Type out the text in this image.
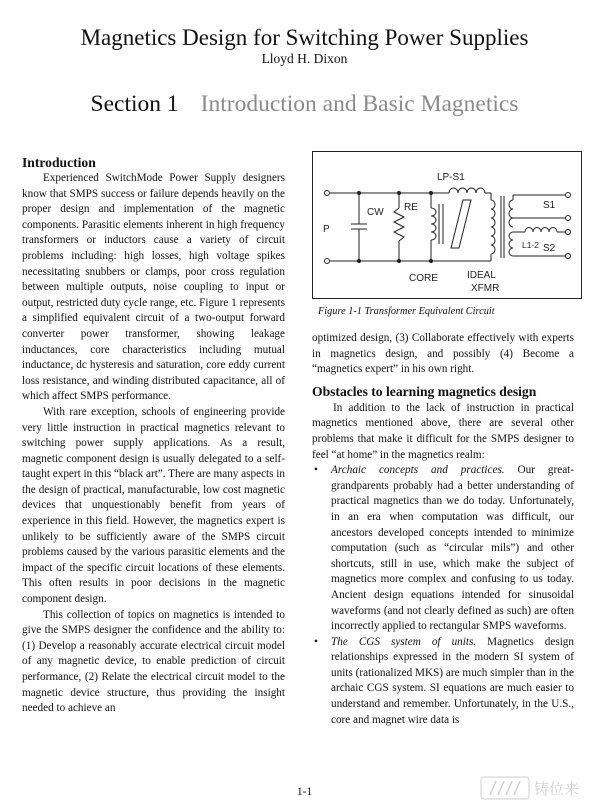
Magnetics Design for Switching Power Supplies
Lloyd H. Dixon
Section 1 Introduction and Basic Magnetics
Introduction

Experienced SwitchMode Power Supply designers know that SMPS success or failure depends heavily on the proper design and implementation of the magnetic components. Parasitic elements inherent in high frequency transformers or inductors cause a variety of circuit problems including: high losses, high voltage spikes necessitating snubbers or clamps, poor cross regulation between multiple outputs, noise coupling to input or output, restricted duty cycle range, etc. Figure 1 represents a simplified equivalent circuit of a two-output forward converter power transformer, showing leakage inductances, core characteristics including mutual inductance, dc hysteresis and saturation, core eddy current loss resistance, and winding distributed capacitance, all of which affect SMPS performance.

With rare exception, schools of engineering provide very little instruction in practical magnetics relevant to switching power supply applications. As a result, magnetic component design is usually delegated to a self-taught expert in this “black art”. There are many aspects in the design of practical, manufacturable, low cost magnetic devices that unquestionably benefit from years of experience in this field. However, the magnetics expert is unlikely to be sufficiently aware of the SMPS circuit problems caused by the various parasitic elements and the impact of the specific circuit locations of these elements. This often results in poor decisions in the magnetic component design.

This collection of topics on magnetics is intended to give the SMPS designer the confidence and the ability to: (1) Develop a reasonably accurate electrical circuit model of any magnetic device, to enable prediction of circuit performance, (2) Relate the electrical circuit model to the magnetic device structure, thus providing the insight needed to achieve an

P
CW RE
LP-S1
L1-2
S1
S2
CORE	IDEAL
XFMR
Figure 1-1 Transformer Equivalent Circuit

optimized design, (3) Collaborate effectively with experts in magnetics design, and possibly (4) Become a “magnetics expert” in his own right.

Obstacles to learning magnetics design

In addition to the lack of instruction in practical magnetics mentioned above, there are several other problems that make it difficult for the SMPS designer to feel “at home” in the magnetics realm:

• Archaic concepts and practices. Our great-grandparents probably had a better understanding of practical magnetics than we do today. Unfortunately, in an era when computation was difficult, our ancestors developed concepts intended to minimize computation (such as “circular mils”) and other shortcuts, still in use, which make the subject of magnetics more complex and confusing to us today. Ancient design equations intended for sinusoidal waveforms (and not clearly defined as such) are often incorrectly applied to rectangular SMPS waveforms.
• The CGS system of units. Magnetics design relationships expressed in the modern SI system of units (rationalized MKS) are much simpler than in the archaic CGS system. SI equations are much easier to understand and remember. Unfortunately, in the U.S., core and magnet wire data is
1-1	铸位来
